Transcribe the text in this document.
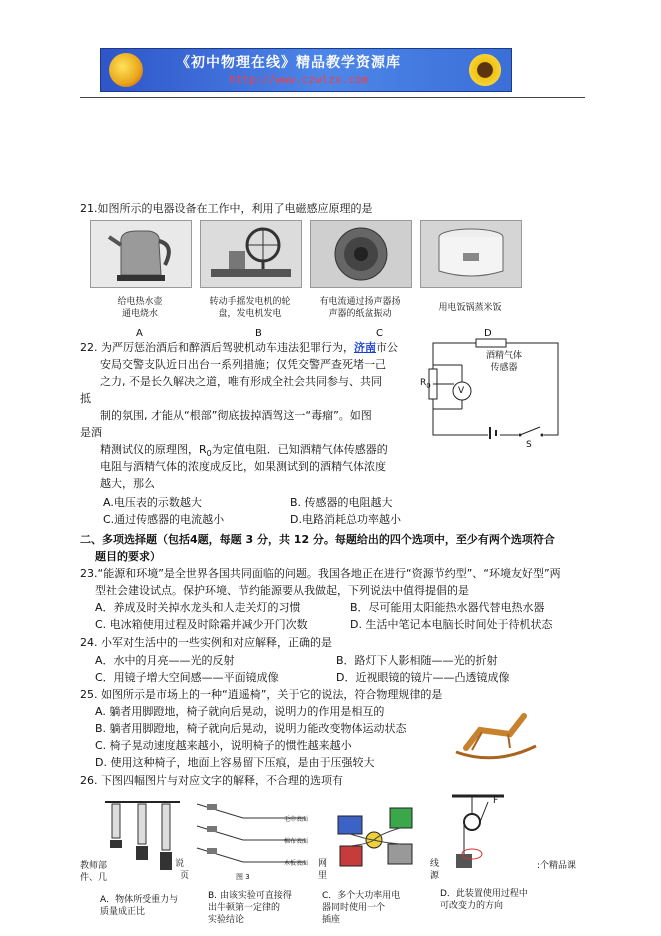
《初中物理在线》精品教学资源库
http://www.czwlzx.com
21.如图所示的电器设备在工作中，利用了电磁感应原理的是
给电热水壶
通电烧水
转动手摇发电机的轮
盘，发电机发电
有电流通过扬声器扬
声器的纸盆振动
用电饭锅蒸米饭
A	B	C	D
22. 为严厉惩治酒后和醉酒后驾驶机动车违法犯罪行为，济南市公
安局交警支队近日出台一系列措施；仅凭交警严查死堵一己
之力, 不是长久解决之道，唯有形成全社会共同参与、共同
抵
制的氛围, 才能从“根部”彻底拔掉酒驾这一“毒瘤”。如图
是酒
精测试仪的原理图，$R_0$为定值电阻．已知酒精气体传感器的
电阻与酒精气体的浓度成反比，如果测试到的酒精气体浓度
越大，那么
A.电压表的示数越大	B. 传感器的电阻越大
C.通过传感器的电流越小	D.电路消耗总功率越小
酒精气体
传感器
$R_0$
V
S
二、多项选择题（包括4题，每题 3 分，共 12 分。每题给出的四个选项中，至少有两个选项符合
题目的要求）
23.“能源和环境”是全世界各国共同面临的问题。我国各地正在进行“资源节约型”、“环境友好型”两
型社会建设试点。保护环境、节约能源要从我做起，下列说法中值得提倡的是
A．养成及时关掉水龙头和人走关灯的习惯	B．尽可能用太阳能热水器代替电热水器
C. 电冰箱使用过程及时除霜并减少开门次数	D. 生活中笔记本电脑长时间处于待机状态
24. 小军对生活中的一些实例和对应解释，正确的是
A．水中的月亮——光的反射	B．路灯下人影相随——光的折射
C．用镜子增大空间感——平面镜成像	D．近视眼镜的镜片——凸透镜成像
25. 如图所示是市场上的一种“逍遥椅”，关于它的说法，符合物理规律的是
A. 躺者用脚蹬地，椅子就向后晃动，说明力的作用是相互的
B. 躺者用脚蹬地，椅子就向后晃动，说明力能改变物体运动状态
C. 椅子晃动速度越来越小，说明椅子的惯性越来越小
D. 使用这种椅子，地面上容易留下压痕，是由于压强较大
26. 下图四幅图片与对应文字的解释，不合理的选项有
毛巾表面
棉布表面
木板表面
图 3
F
教师部
件、几
说
页
网
里
线
源
:个精品课
A．物体所受重力与
质量成正比
B. 由该实验可直接得
出牛顿第一定律的
实验结论
C．多个大功率用电
器同时使用一个
插座
D．此装置使用过程中
可改变力的方向
